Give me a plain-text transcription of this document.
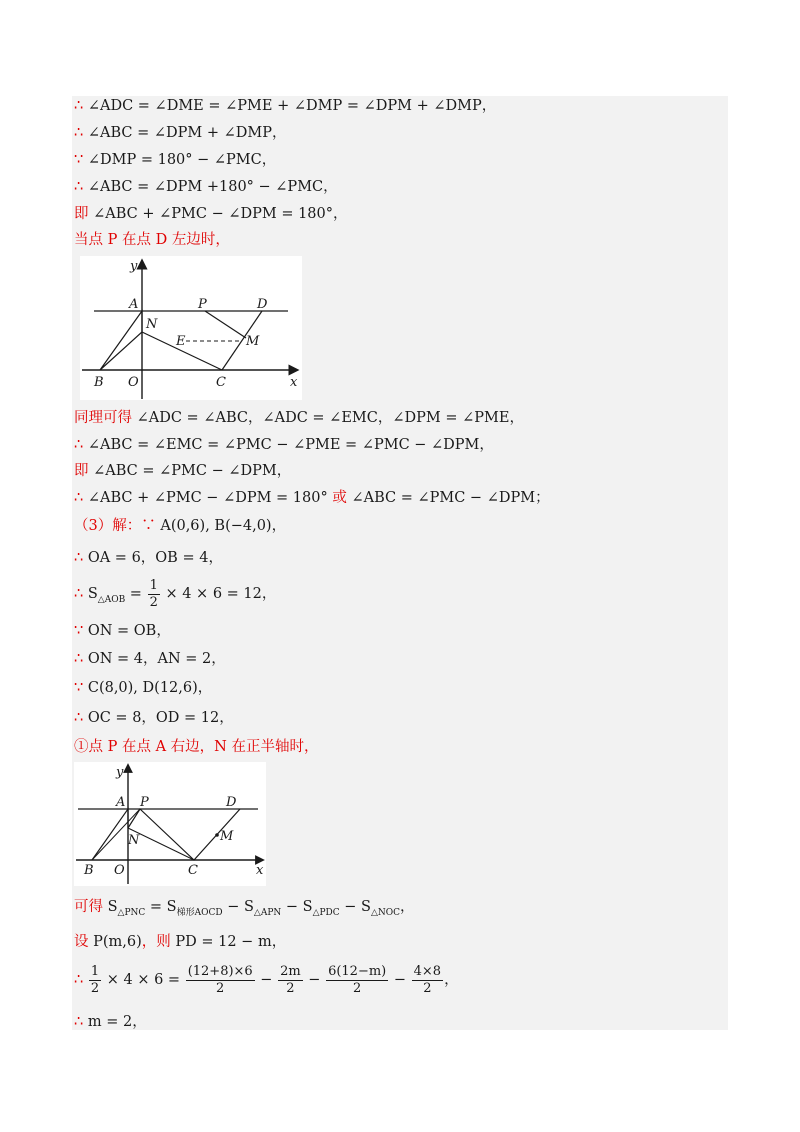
∴ ∠ADC = ∠DME = ∠PME + ∠DMP = ∠DPM + ∠DMP，
∴ ∠ABC = ∠DPM + ∠DMP，
∵ ∠DMP = 180° − ∠PMC，
∴ ∠ABC = ∠DPM +180° − ∠PMC，
即 ∠ABC + ∠PMC − ∠DPM = 180°，
当点 P 在点 D 左边时，
y
x
A	P	D
N
E	M
B O	C
同理可得 ∠ADC = ∠ABC，∠ADC = ∠EMC，∠DPM = ∠PME，
∴ ∠ABC = ∠EMC = ∠PMC − ∠PME = ∠PMC − ∠DPM，
即 ∠ABC = ∠PMC − ∠DPM，
∴ ∠ABC + ∠PMC − ∠DPM = 180° 或 ∠ABC = ∠PMC − ∠DPM；
（3）解：∵ A(0,6), B(−4,0)，
∴ OA = 6，OB = 4，
∴ $S_{\triangle AOB} = \frac{1}{2} \times 4 \times 6 = 12$，
∵ ON = OB，
∴ ON = 4，AN = 2，
∵ C(8,0), D(12,6)，
∴ OC = 8，OD = 12，
①点 P 在点 A 右边，N 在正半轴时，
y
x
A P	D
N	M
B O	C
可得 $S_{\triangle PNC} = S_{梯形AOCD} - S_{\triangle APN} - S_{\triangle PDC} - S_{\triangle NOC}$，
设 P(m,6)，则 PD = 12 − m，
∴ $\frac{1}{2} \times 4 \times 6 = \frac{(12+8)\times 6}{2} - \frac{2m}{2} - \frac{6(12-m)}{2} - \frac{4\times 8}{2}$ ，
∴ m = 2，
